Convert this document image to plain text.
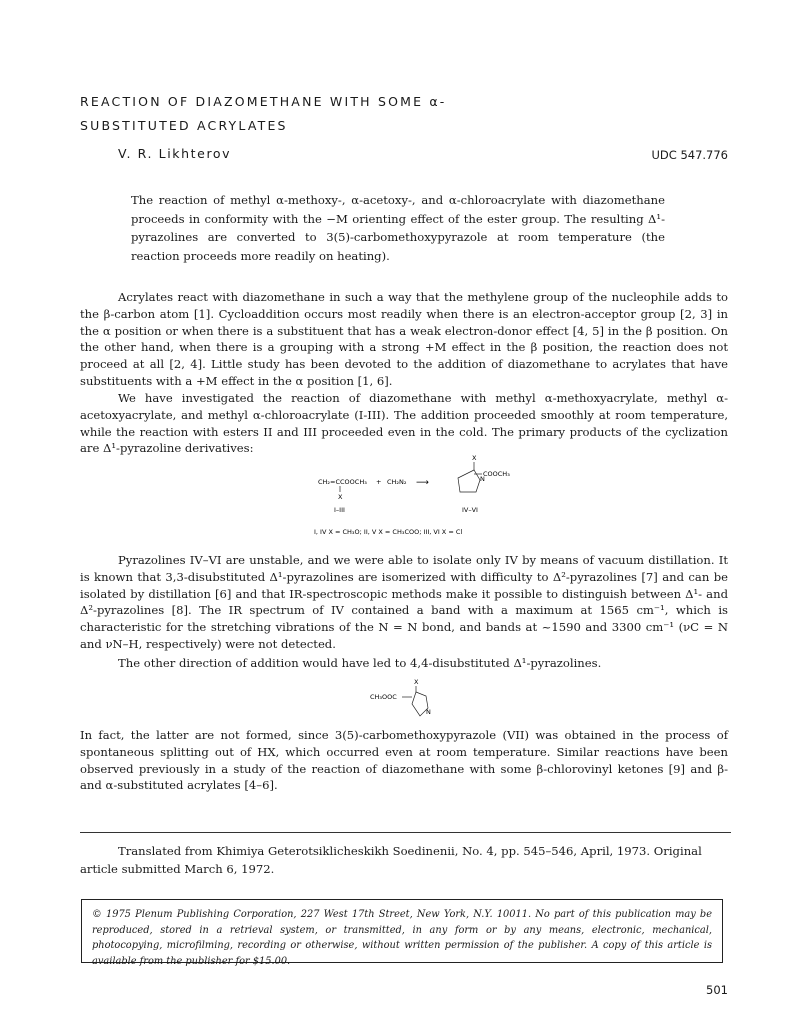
REACTION OF DIAZOMETHANE WITH SOME α-
SUBSTITUTED ACRYLATES
V. R. Likhterov	UDC 547.776

The reaction of methyl α-methoxy-, α-acetoxy-, and α-chloroacrylate with diazomethane proceeds in conformity with the −M orienting effect of the ester group. The resulting Δ¹-pyrazolines are converted to 3(5)-carbomethoxypyrazole at room temperature (the reaction proceeds more readily on heating).

Acrylates react with diazomethane in such a way that the methylene group of the nucleophile adds to the β-carbon atom [1]. Cycloaddition occurs most readily when there is an electron-acceptor group [2, 3] in the α position or when there is a substituent that has a weak electron-donor effect [4, 5] in the β position. On the other hand, when there is a grouping with a strong +M effect in the β position, the reaction does not proceed at all [2, 4]. Little study has been devoted to the addition of diazomethane to acrylates that have substituents with a +M effect in the α position [1, 6].

We have investigated the reaction of diazomethane with methyl α-methoxyacrylate, methyl α-acetoxyacrylate, and methyl α-chloroacrylate (I-III). The addition proceeded smoothly at room temperature, while the reaction with esters II and III proceeded even in the cold. The primary products of the cyclization are Δ¹-pyrazoline derivatives:

CH₂=CCOOCH₃
X
+ CH₂N₂ ⟶
X
COOCH₃
N
I–III	IV–VI
I, IV X = CH₃O; II, V X = CH₃COO; III, VI X = Cl

Pyrazolines IV–VI are unstable, and we were able to isolate only IV by means of vacuum distillation. It is known that 3,3-disubstituted Δ¹-pyrazolines are isomerized with difficulty to Δ²-pyrazolines [7] and can be isolated by distillation [6] and that IR-spectroscopic methods make it possible to distinguish between Δ¹- and Δ²-pyrazolines [8]. The IR spectrum of IV contained a band with a maximum at 1565 cm⁻¹, which is characteristic for the stretching vibrations of the N = N bond, and bands at ~1590 and 3300 cm⁻¹ (νC = N and νN–H, respectively) were not detected.

The other direction of addition would have led to 4,4-disubstituted Δ¹-pyrazolines.

X
CH₃OOC
N

In fact, the latter are not formed, since 3(5)-carbomethoxypyrazole (VII) was obtained in the process of spontaneous splitting out of HX, which occurred even at room temperature. Similar reactions have been observed previously in a study of the reaction of diazomethane with some β-chlorovinyl ketones [9] and β- and α-substituted acrylates [4–6].

Translated from Khimiya Geterotsiklicheskikh Soedinenii, No. 4, pp. 545–546, April, 1973. Original article submitted March 6, 1972.

© 1975 Plenum Publishing Corporation, 227 West 17th Street, New York, N.Y. 10011. No part of this publication may be reproduced, stored in a retrieval system, or transmitted, in any form or by any means, electronic, mechanical, photocopying, microfilming, recording or otherwise, without written permission of the publisher. A copy of this article is available from the publisher for $15.00.

501
